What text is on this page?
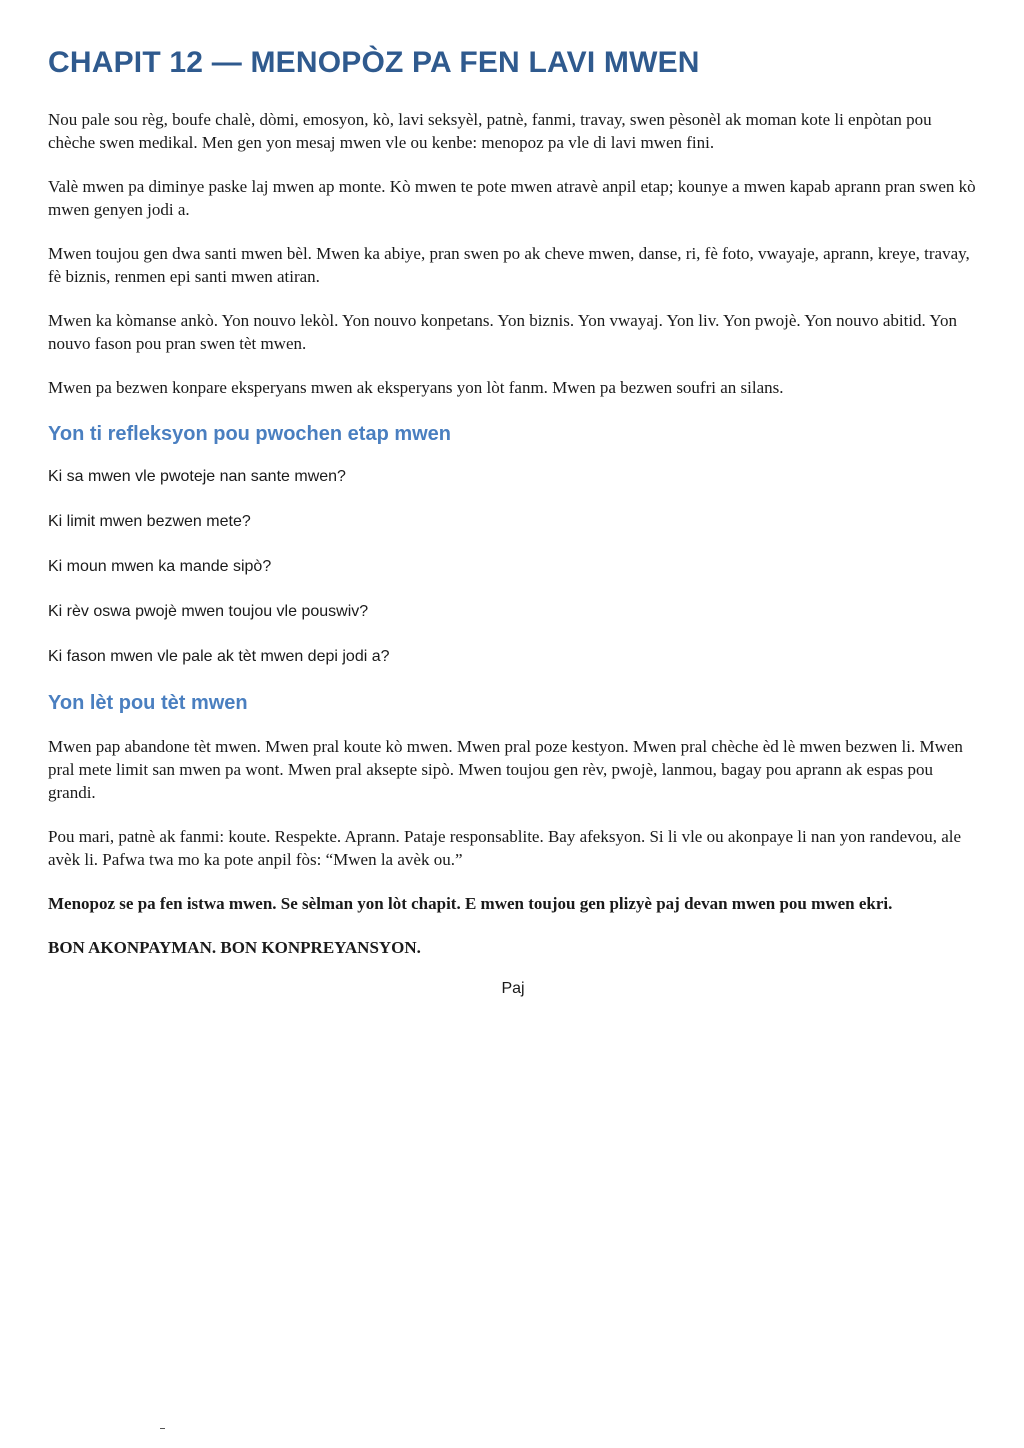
CHAPIT 12 — MENOPÒZ PA FEN LAVI MWEN

Nou pale sou règ, boufe chalè, dòmi, emosyon, kò, lavi seksyèl, patnè, fanmi, travay, swen pèsonèl ak moman kote li enpòtan pou chèche swen medikal. Men gen yon mesaj mwen vle ou kenbe: menopoz pa vle di lavi mwen fini.

Valè mwen pa diminye paske laj mwen ap monte. Kò mwen te pote mwen atravè anpil etap; kounye a mwen kapab aprann pran swen kò mwen genyen jodi a.

Mwen toujou gen dwa santi mwen bèl. Mwen ka abiye, pran swen po ak cheve mwen, danse, ri, fè foto, vwayaje, aprann, kreye, travay, fè biznis, renmen epi santi mwen atiran.

Mwen ka kòmanse ankò. Yon nouvo lekòl. Yon nouvo konpetans. Yon biznis. Yon vwayaj. Yon liv. Yon pwojè. Yon nouvo abitid. Yon nouvo fason pou pran swen tèt mwen.

Mwen pa bezwen konpare eksperyans mwen ak eksperyans yon lòt fanm. Mwen pa bezwen soufri an silans.

Yon ti refleksyon pou pwochen etap mwen

Ki sa mwen vle pwoteje nan sante mwen?

Ki limit mwen bezwen mete?

Ki moun mwen ka mande sipò?

Ki rèv oswa pwojè mwen toujou vle pouswiv?

Ki fason mwen vle pale ak tèt mwen depi jodi a?

Yon lèt pou tèt mwen

Mwen pap abandone tèt mwen. Mwen pral koute kò mwen. Mwen pral poze kestyon. Mwen pral chèche èd lè mwen bezwen li. Mwen pral mete limit san mwen pa wont. Mwen pral aksepte sipò. Mwen toujou gen rèv, pwojè, lanmou, bagay pou aprann ak espas pou grandi.

Pou mari, patnè ak fanmi: koute. Respekte. Aprann. Pataje responsablite. Bay afeksyon. Si li vle ou akonpaye li nan yon randevou, ale avèk li. Pafwa twa mo ka pote anpil fòs: “Mwen la avèk ou.”

Menopoz se pa fen istwa mwen. Se sèlman yon lòt chapit. E mwen toujou gen plizyè paj devan mwen pou mwen ekri.

BON AKONPAYMAN. BON KONPREYANSYON.

Paj
